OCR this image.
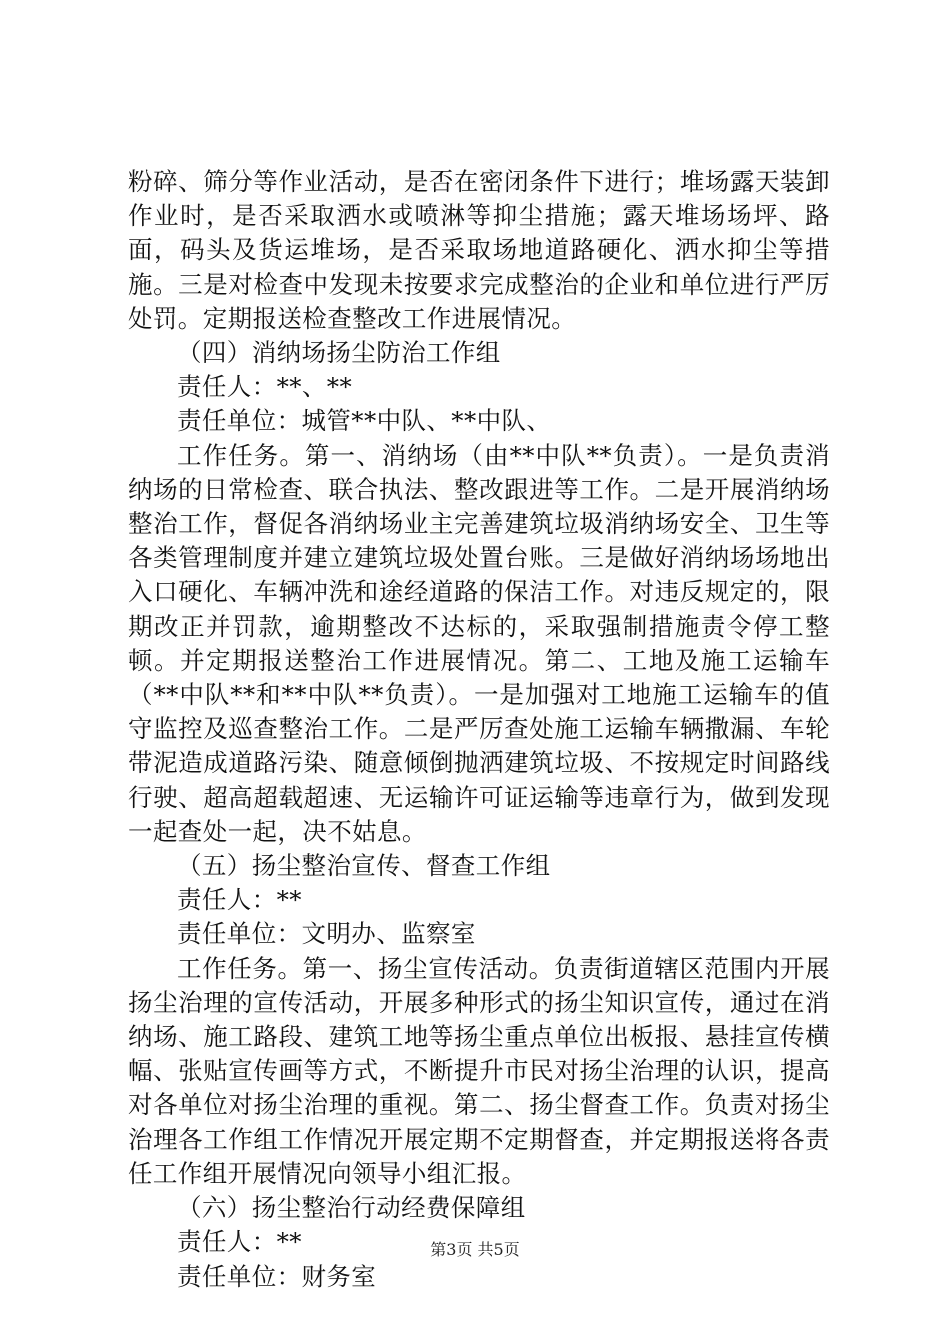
粉碎、筛分等作业活动，是否在密闭条件下进行；堆场露天装卸作业时，是否采取洒水或喷淋等抑尘措施；露天堆场场坪、路面，码头及货运堆场，是否采取场地道路硬化、洒水抑尘等措施。三是对检查中发现未按要求完成整治的企业和单位进行严厉处罚。定期报送检查整改工作进展情况。

（四）消纳场扬尘防治工作组

责任人：**、**

责任单位：城管**中队、**中队、

工作任务。第一、消纳场（由**中队**负责）。一是负责消纳场的日常检查、联合执法、整改跟进等工作。二是开展消纳场整治工作，督促各消纳场业主完善建筑垃圾消纳场安全、卫生等各类管理制度并建立建筑垃圾处置台账。三是做好消纳场场地出入口硬化、车辆冲洗和途经道路的保洁工作。对违反规定的，限期改正并罚款，逾期整改不达标的，采取强制措施责令停工整顿。并定期报送整治工作进展情况。第二、工地及施工运输车（**中队**和**中队**负责）。一是加强对工地施工运输车的值守监控及巡查整治工作。二是严厉查处施工运输车辆撒漏、车轮带泥造成道路污染、随意倾倒抛洒建筑垃圾、不按规定时间路线行驶、超高超载超速、无运输许可证运输等违章行为，做到发现一起查处一起，决不姑息。

（五）扬尘整治宣传、督查工作组

责任人：**

责任单位：文明办、监察室

工作任务。第一、扬尘宣传活动。负责街道辖区范围内开展扬尘治理的宣传活动，开展多种形式的扬尘知识宣传，通过在消纳场、施工路段、建筑工地等扬尘重点单位出板报、悬挂宣传横幅、张贴宣传画等方式，不断提升市民对扬尘治理的认识，提高对各单位对扬尘治理的重视。第二、扬尘督查工作。负责对扬尘治理各工作组工作情况开展定期不定期督查，并定期报送将各责任工作组开展情况向领导小组汇报。

（六）扬尘整治行动经费保障组

责任人：**

责任单位：财务室

第3页 共5页
